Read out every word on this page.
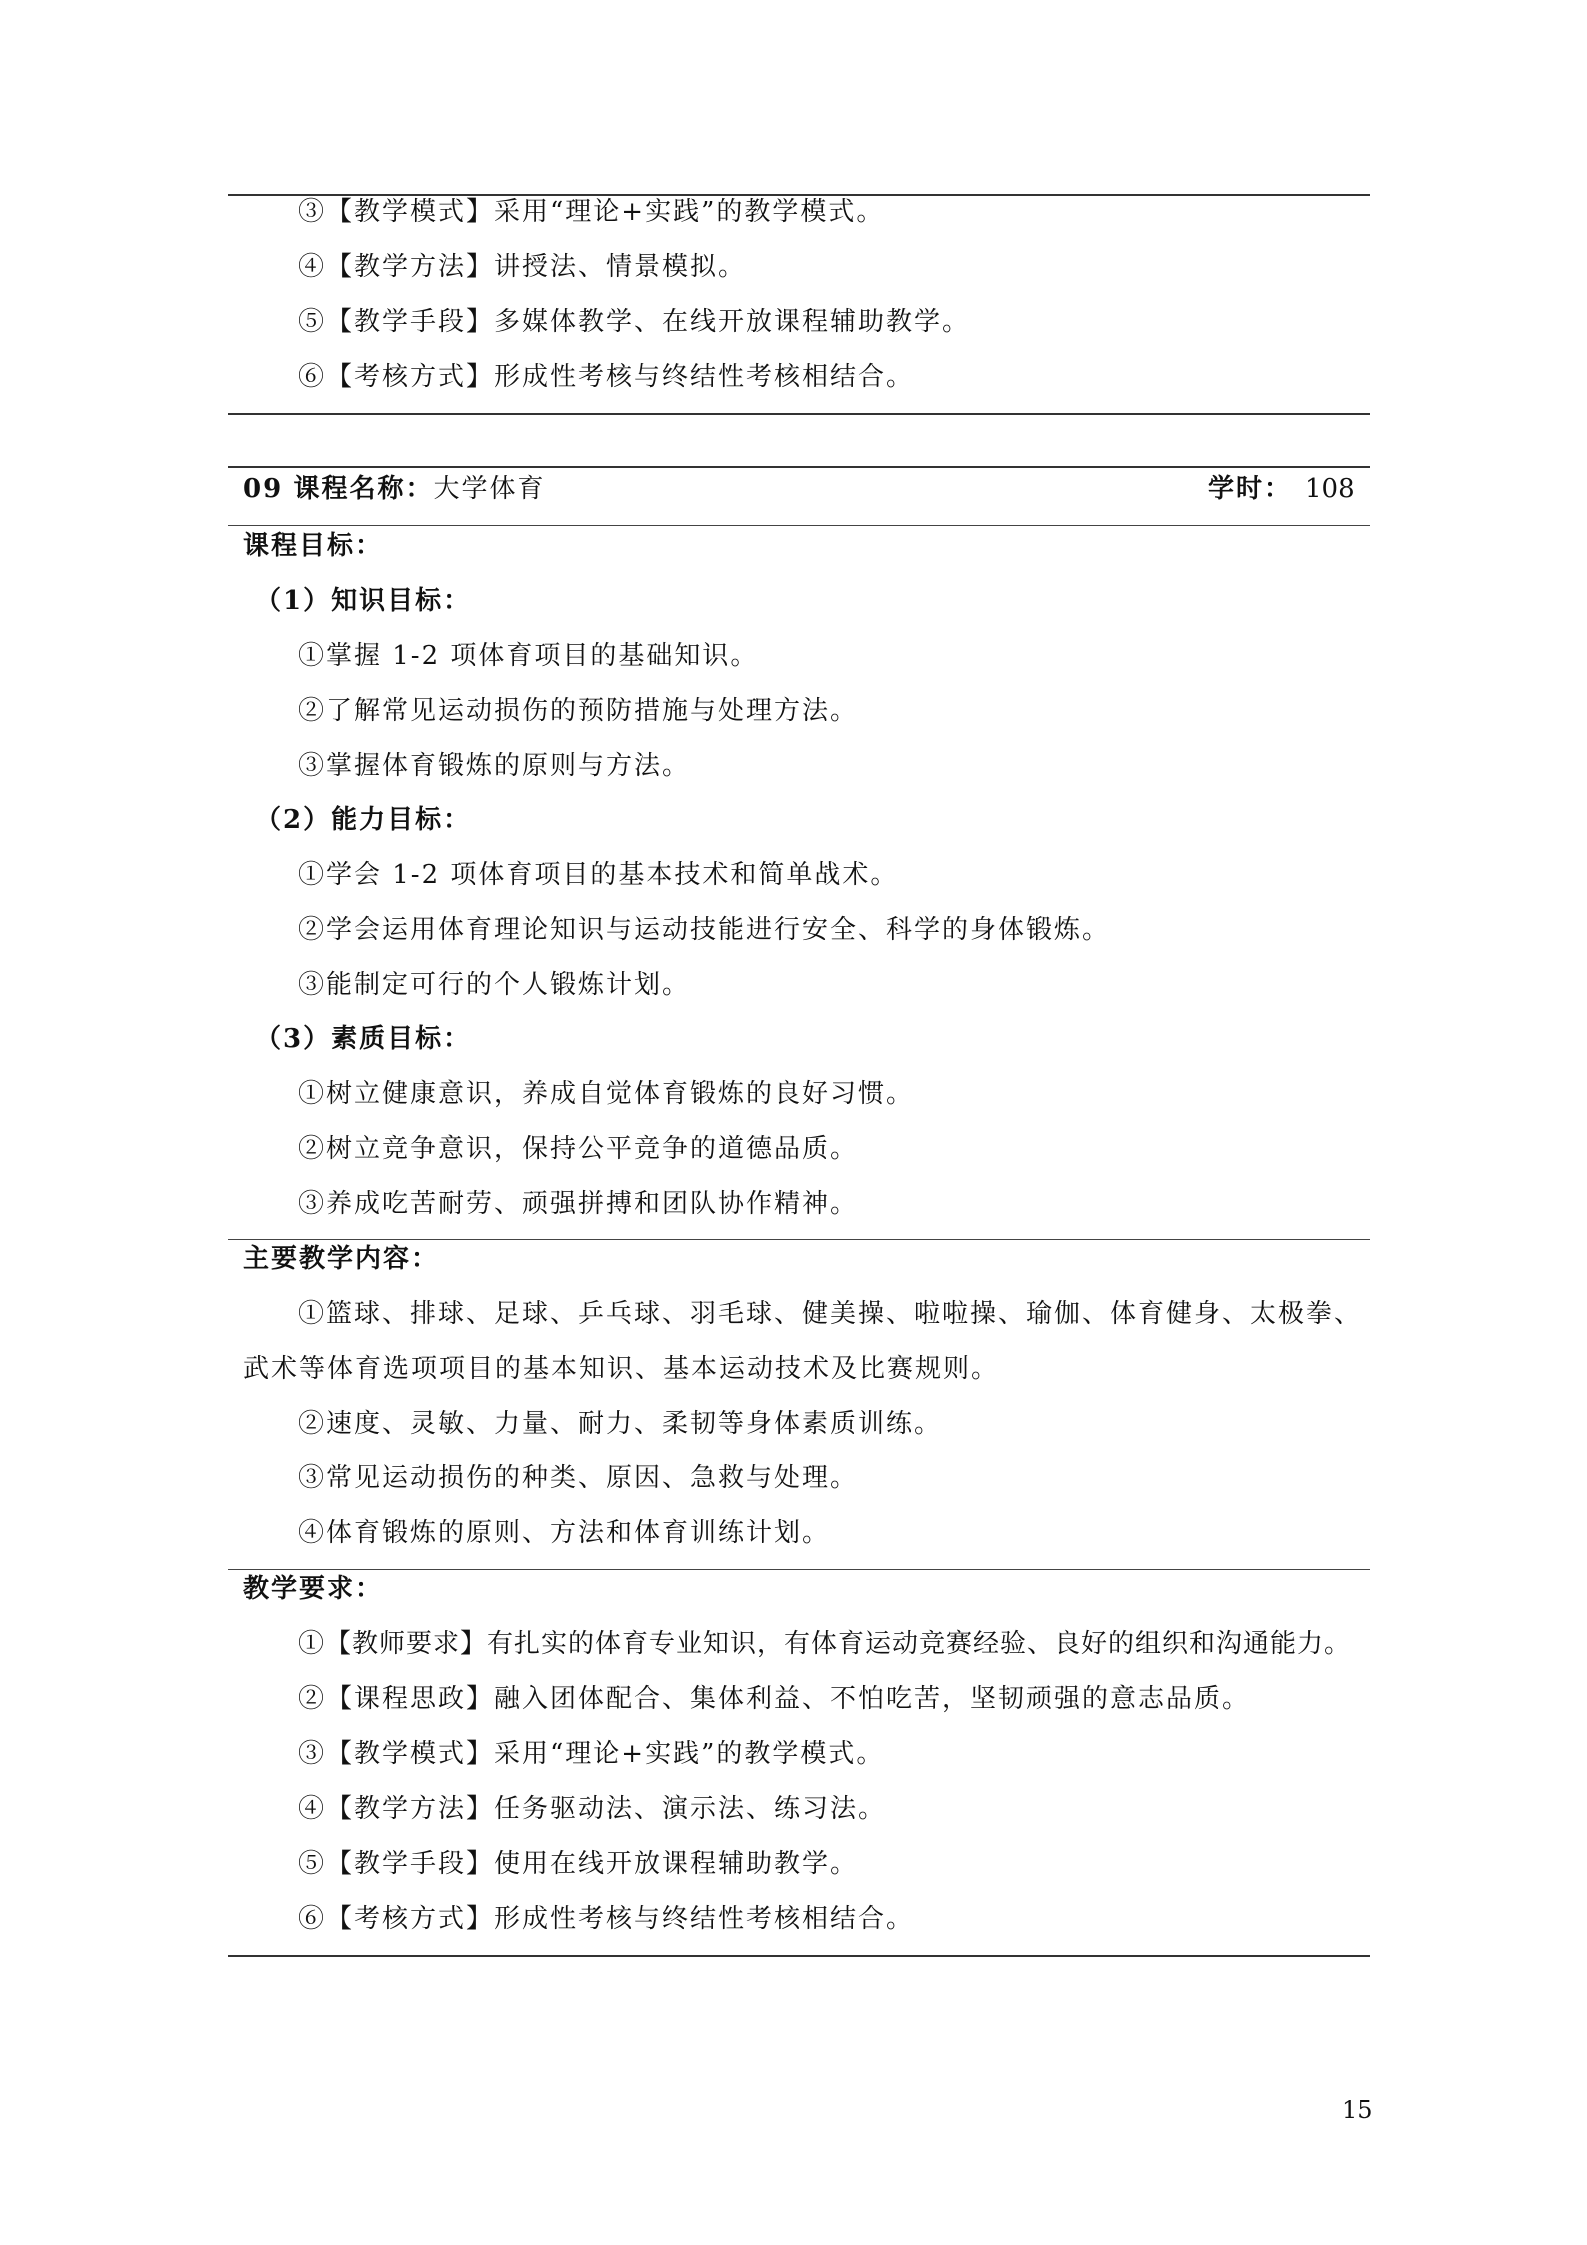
③【教学模式】采用“理论+实践”的教学模式。
④【教学方法】讲授法、情景模拟。
⑤【教学手段】多媒体教学、在线开放课程辅助教学。
⑥【考核方式】形成性考核与终结性考核相结合。
09 课程名称：大学体育	学时： 108
课程目标：
（1）知识目标：
①掌握 1-2 项体育项目的基础知识。
②了解常见运动损伤的预防措施与处理方法。
③掌握体育锻炼的原则与方法。
（2）能力目标：
①学会 1-2 项体育项目的基本技术和简单战术。
②学会运用体育理论知识与运动技能进行安全、科学的身体锻炼。
③能制定可行的个人锻炼计划。
（3）素质目标：
①树立健康意识，养成自觉体育锻炼的良好习惯。
②树立竞争意识，保持公平竞争的道德品质。
③养成吃苦耐劳、顽强拼搏和团队协作精神。
主要教学内容：
①篮球、排球、足球、乒乓球、羽毛球、健美操、啦啦操、瑜伽、体育健身、太极拳、
武术等体育选项项目的基本知识、基本运动技术及比赛规则。
②速度、灵敏、力量、耐力、柔韧等身体素质训练。
③常见运动损伤的种类、原因、急救与处理。
④体育锻炼的原则、方法和体育训练计划。
教学要求：
①【教师要求】有扎实的体育专业知识，有体育运动竞赛经验、良好的组织和沟通能力。
②【课程思政】融入团体配合、集体利益、不怕吃苦，坚韧顽强的意志品质。
③【教学模式】采用“理论+实践”的教学模式。
④【教学方法】任务驱动法、演示法、练习法。
⑤【教学手段】使用在线开放课程辅助教学。
⑥【考核方式】形成性考核与终结性考核相结合。
15
